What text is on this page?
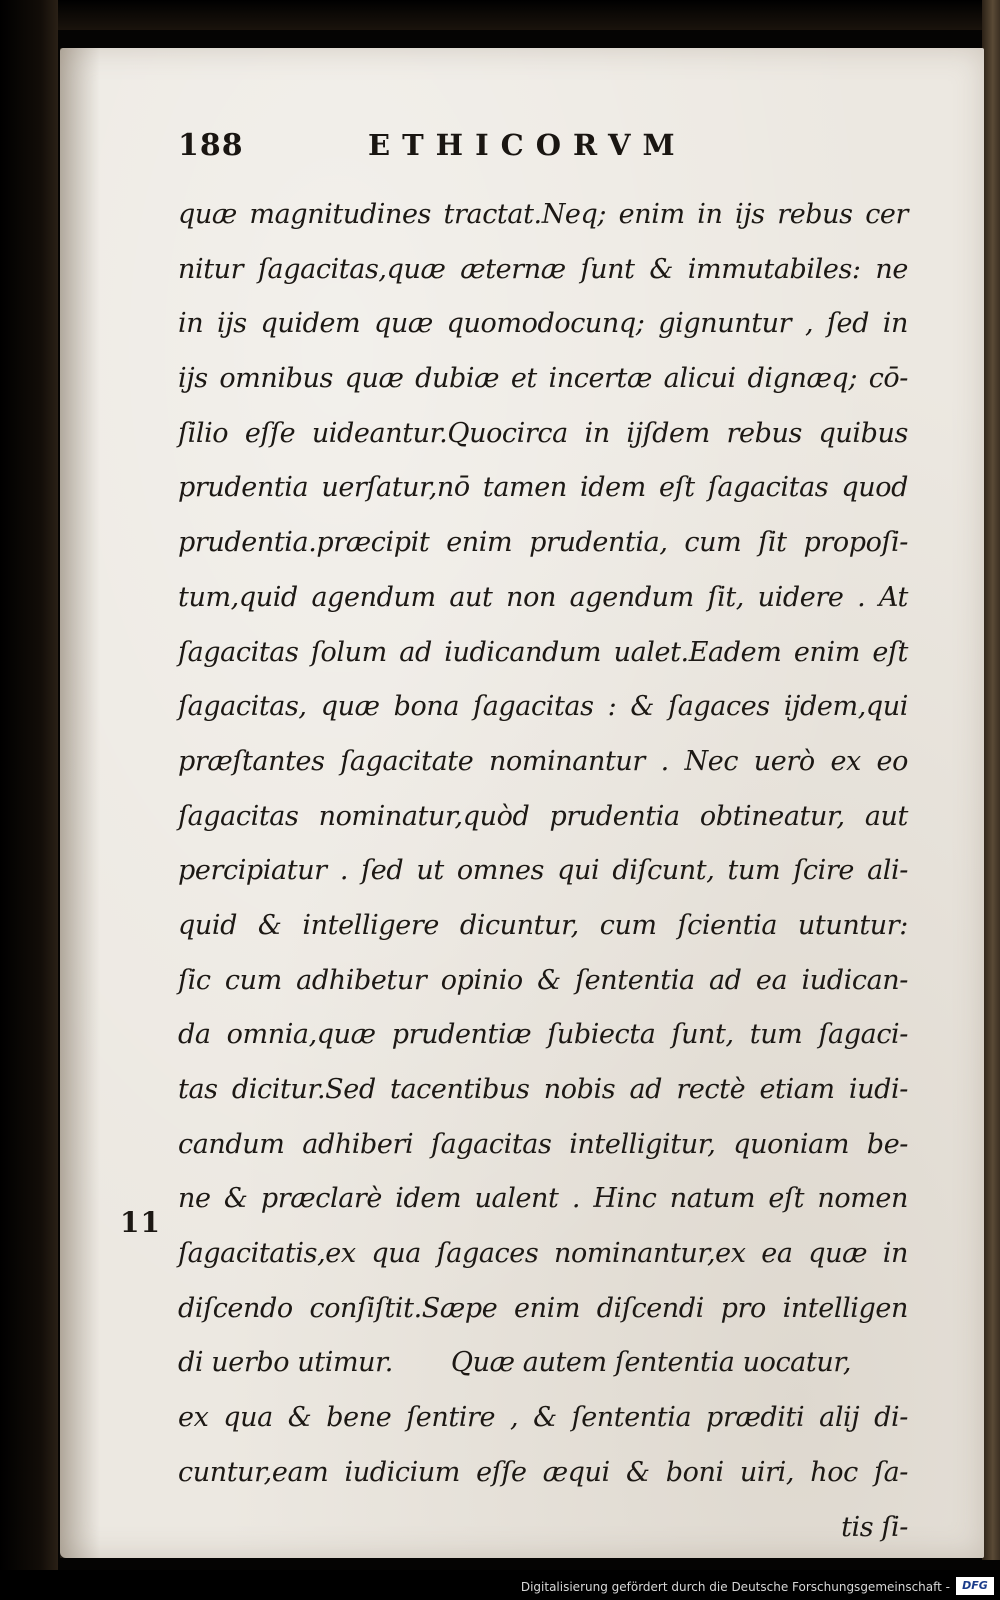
188	ETHICORVM
11
quæ magnitudines tractat.Neq; enim in ijs rebus cer
nitur ſagacitas,quæ æternæ ſunt & immutabiles: ne
in ijs quidem quæ quomodocunq; gignuntur , ſed in
ijs omnibus quæ dubiæ et incertæ alicui dignæq; cō-
ſilio eſſe uideantur.Quocirca in ijſdem rebus quibus
prudentia uerſatur,nō tamen idem eſt ſagacitas quod
prudentia.præcipit enim prudentia, cum ſit propoſi-
tum,quid agendum aut non agendum ſit, uidere . At
ſagacitas ſolum ad iudicandum ualet.Eadem enim eſt
ſagacitas, quæ bona ſagacitas : & ſagaces ijdem,qui
præſtantes ſagacitate nominantur . Nec uerò ex eo
ſagacitas nominatur,quòd prudentia obtineatur, aut
percipiatur . ſed ut omnes qui diſcunt, tum ſcire ali-
quid & intelligere dicuntur, cum ſcientia utuntur:
ſic cum adhibetur opinio & ſententia ad ea iudican-
da omnia,quæ prudentiæ ſubiecta ſunt, tum ſagaci-
tas dicitur.Sed tacentibus nobis ad rectè etiam iudi-
candum adhiberi ſagacitas intelligitur, quoniam be-
ne & præclarè idem ualent . Hinc natum eſt nomen
ſagacitatis,ex qua ſagaces nominantur,ex ea quæ in
diſcendo conſiſtit.Sæpe enim diſcendi pro intelligen
di uerbo utimur. Quæ autem ſententia uocatur,
ex qua & bene ſentire , & ſententia præditi alij di-
cuntur,eam iudicium eſſe æqui & boni uiri, hoc ſa-
tis ſi-
Digitalisierung gefördert durch die Deutsche Forschungsgemeinschaft -	DFG
